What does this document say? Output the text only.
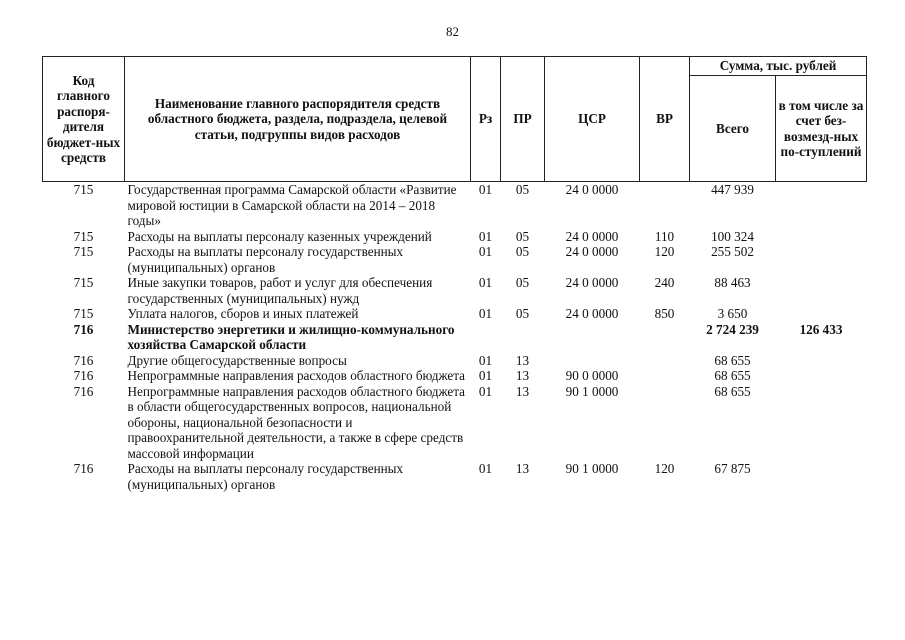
82
Код главного распоря-дителя бюджет-ных средств	Наименование главного распорядителя средств областного бюджета, раздела, подраздела, целевой статьи, подгруппы видов расходов	Рз	ПР	ЦСР	ВР	Сумма, тыс. рублей	
						Всего	в том числе за счет без-возмезд-ных по-ступлений
715	Государственная программа Самарской области «Развитие мировой юстиции в Самарской области на 2014 – 2018 годы»	01	05	24 0 0000		447 939	
715	Расходы на выплаты персоналу казенных учреждений	01	05	24 0 0000	110	100 324	
715	Расходы на выплаты персоналу государственных (муниципальных) органов	01	05	24 0 0000	120	255 502	
715	Иные закупки товаров, работ и услуг для обеспечения государственных (муниципальных) нужд	01	05	24 0 0000	240	88 463	
715	Уплата налогов, сборов и иных платежей	01	05	24 0 0000	850	3 650	
716	Министерство энергетики и жилищно-коммунального хозяйства Самарской области					2 724 239	126 433
716	Другие общегосударственные вопросы	01	13			68 655	
716	Непрограммные направления расходов областного бюджета	01	13	90 0 0000		68 655	
716	Непрограммные направления расходов областного бюджета в области общегосударственных вопросов, национальной обороны, национальной безопасности и правоохранительной деятельности, а также в сфере средств массовой информации	01	13	90 1 0000		68 655	
716	Расходы на выплаты персоналу государственных (муниципальных) органов	01	13	90 1 0000	120	67 875	
